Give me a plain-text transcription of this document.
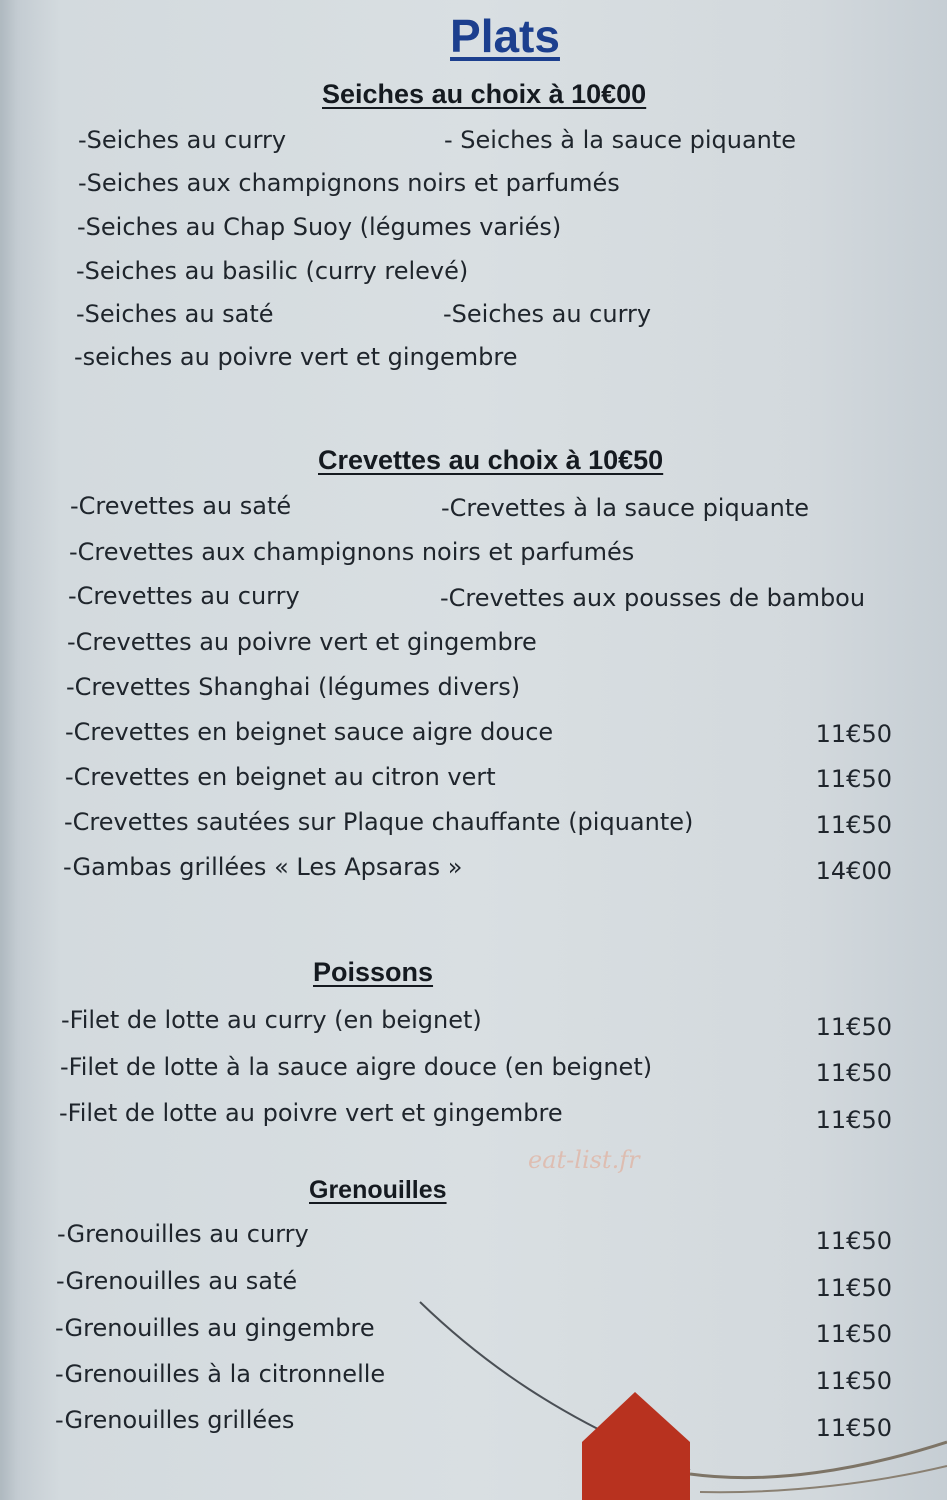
Plats
Seiches au choix à 10€00
-Seiches au curry	- Seiches à la sauce piquante
-Seiches aux champignons noirs et parfumés
-Seiches au Chap Suoy (légumes variés)
-Seiches au basilic (curry relevé)
-Seiches au saté	-Seiches au curry
-seiches au poivre vert et gingembre
Crevettes au choix à 10€50
-Crevettes au saté	-Crevettes à la sauce piquante
-Crevettes aux champignons noirs et parfumés
-Crevettes au curry	-Crevettes aux pousses de bambou
-Crevettes au poivre vert et gingembre
-Crevettes Shanghai (légumes divers)
-Crevettes en beignet sauce aigre douce	11€50
-Crevettes en beignet au citron vert	11€50
-Crevettes sautées sur Plaque chauffante (piquante)	11€50
-Gambas grillées « Les Apsaras »	14€00
Poissons
-Filet de lotte au curry (en beignet)	11€50
-Filet de lotte à la sauce aigre douce (en beignet)	11€50
-Filet de lotte au poivre vert et gingembre	11€50
eat-list.fr
Grenouilles
-Grenouilles au curry	11€50
-Grenouilles au saté	11€50
-Grenouilles au gingembre	11€50
-Grenouilles à la citronnelle	11€50
-Grenouilles grillées	11€50
